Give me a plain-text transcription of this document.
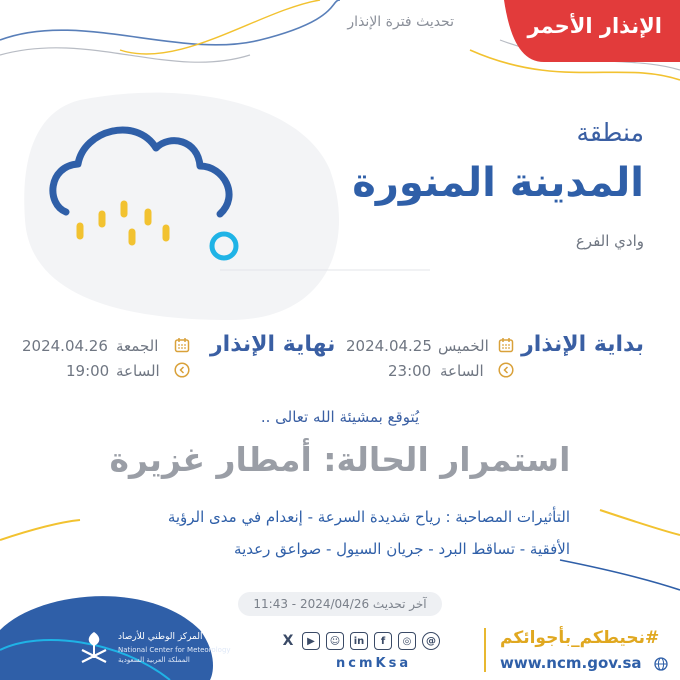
الإنذار الأحمر
تحديث فترة الإنذار
منطقة
المدينة المنورة
وادي الفرع
بداية الإنذار
الخميس
2024.04.25
الساعة
23:00
نهاية الإنذار
الجمعة
2024.04.26
الساعة
19:00
يُتوقع بمشيئة الله تعالى ..
استمرار الحالة: أمطار غزيرة
التأثيرات المصاحبة : رياح شديدة السرعة - إنعدام في مدى الرؤية
الأفقية - تساقط البرد - جريان السيول - صواعق رعدية
آخر تحديث 2024/04/26 - 11:43
المركز الوطني للأرصاد
National Center for Meteorology
المملكة العربية السعودية
X	▶	☺	in	f	◎	@
ncmKsa
#نحيطكم_بأجوائكم
www.ncm.gov.sa
